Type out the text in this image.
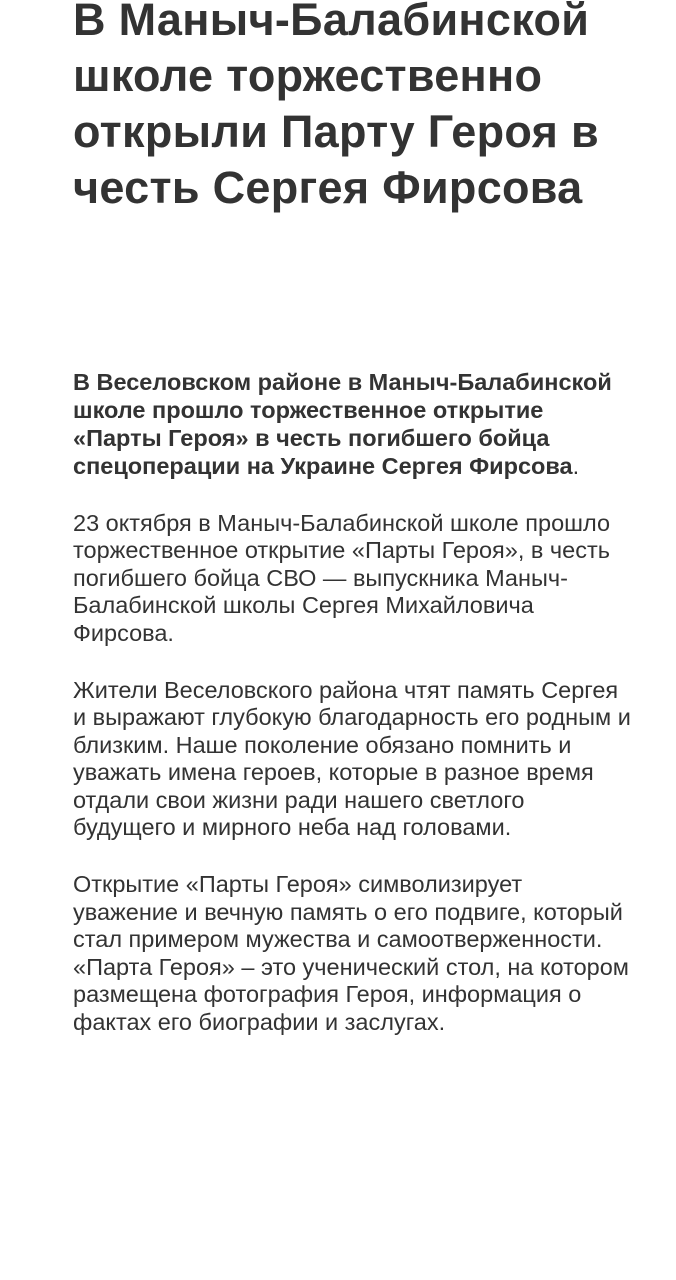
В Маныч-Балабинской школе торжественно открыли Парту Героя в честь Сергея Фирсова

В Веселовском районе в Маныч-Балабинской школе прошло торжественное открытие «Парты Героя» в честь погибшего бойца спецоперации на Украине Сергея Фирсова.

23 октября в Маныч-Балабинской школе прошло торжественное открытие «Парты Героя», в честь погибшего бойца СВО — выпускника Маныч-Балабинской школы Сергея Михайловича Фирсова.

Жители Веселовского района чтят память Сергея и выражают глубокую благодарность его родным и близким. Наше поколение обязано помнить и уважать имена героев, которые в разное время отдали свои жизни ради нашего светлого будущего и мирного неба над головами.

Открытие «Парты Героя» символизирует уважение и вечную память о его подвиге, который стал примером мужества и самоотверженности. «Парта Героя» – это ученический стол, на котором размещена фотография Героя, информация о фактах его биографии и заслугах.
